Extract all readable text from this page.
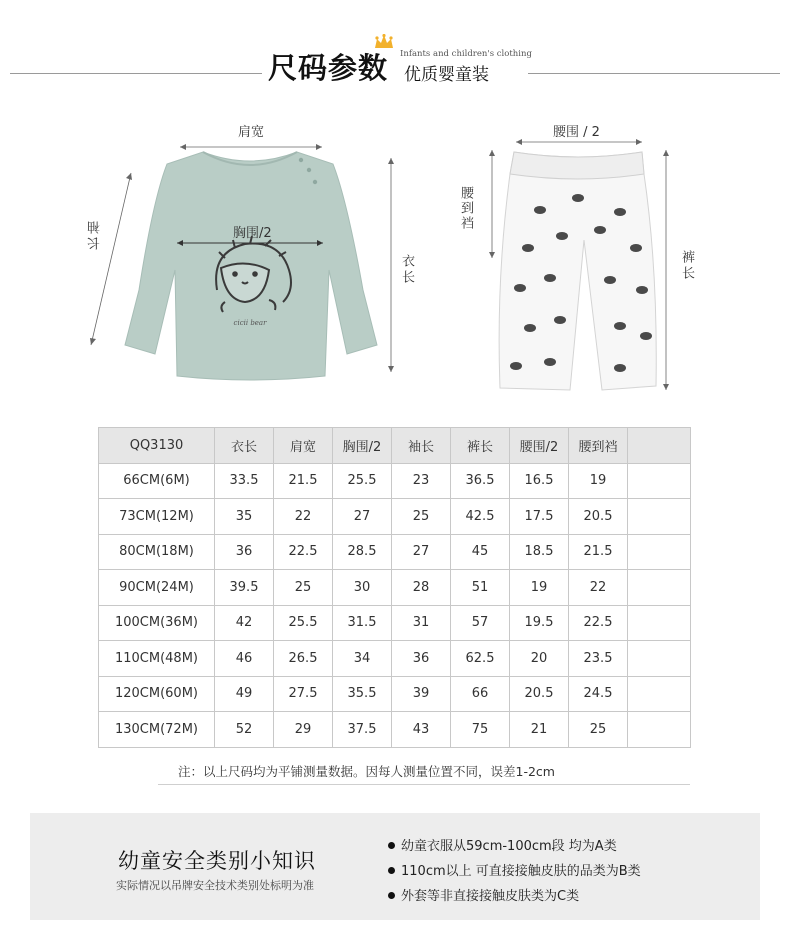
尺码参数 Infants and children's clothing
优质婴童装
cicii bear
肩宽
胸围/2
衣长
长袖
腰围 / 2
腰到裆
裤长
QQ3130	衣长	肩宽	胸围/2	袖长	裤长	腰围/2	腰到裆	
66CM(6M)	33.5	21.5	25.5	23	36.5	16.5	19	
73CM(12M)	35	22	27	25	42.5	17.5	20.5	
80CM(18M)	36	22.5	28.5	27	45	18.5	21.5	
90CM(24M)	39.5	25	30	28	51	19	22	
100CM(36M)	42	25.5	31.5	31	57	19.5	22.5	
110CM(48M)	46	26.5	34	36	62.5	20	23.5	
120CM(60M)	49	27.5	35.5	39	66	20.5	24.5	
130CM(72M)	52	29	37.5	43	75	21	25	
注：以上尺码均为平铺测量数据。因每人测量位置不同，误差1-2cm
幼童安全类别小知识
实际情况以吊牌安全技术类别处标明为准
幼童衣服从59cm-100cm段 均为A类
110cm以上 可直接接触皮肤的品类为B类
外套等非直接接触皮肤类为C类
